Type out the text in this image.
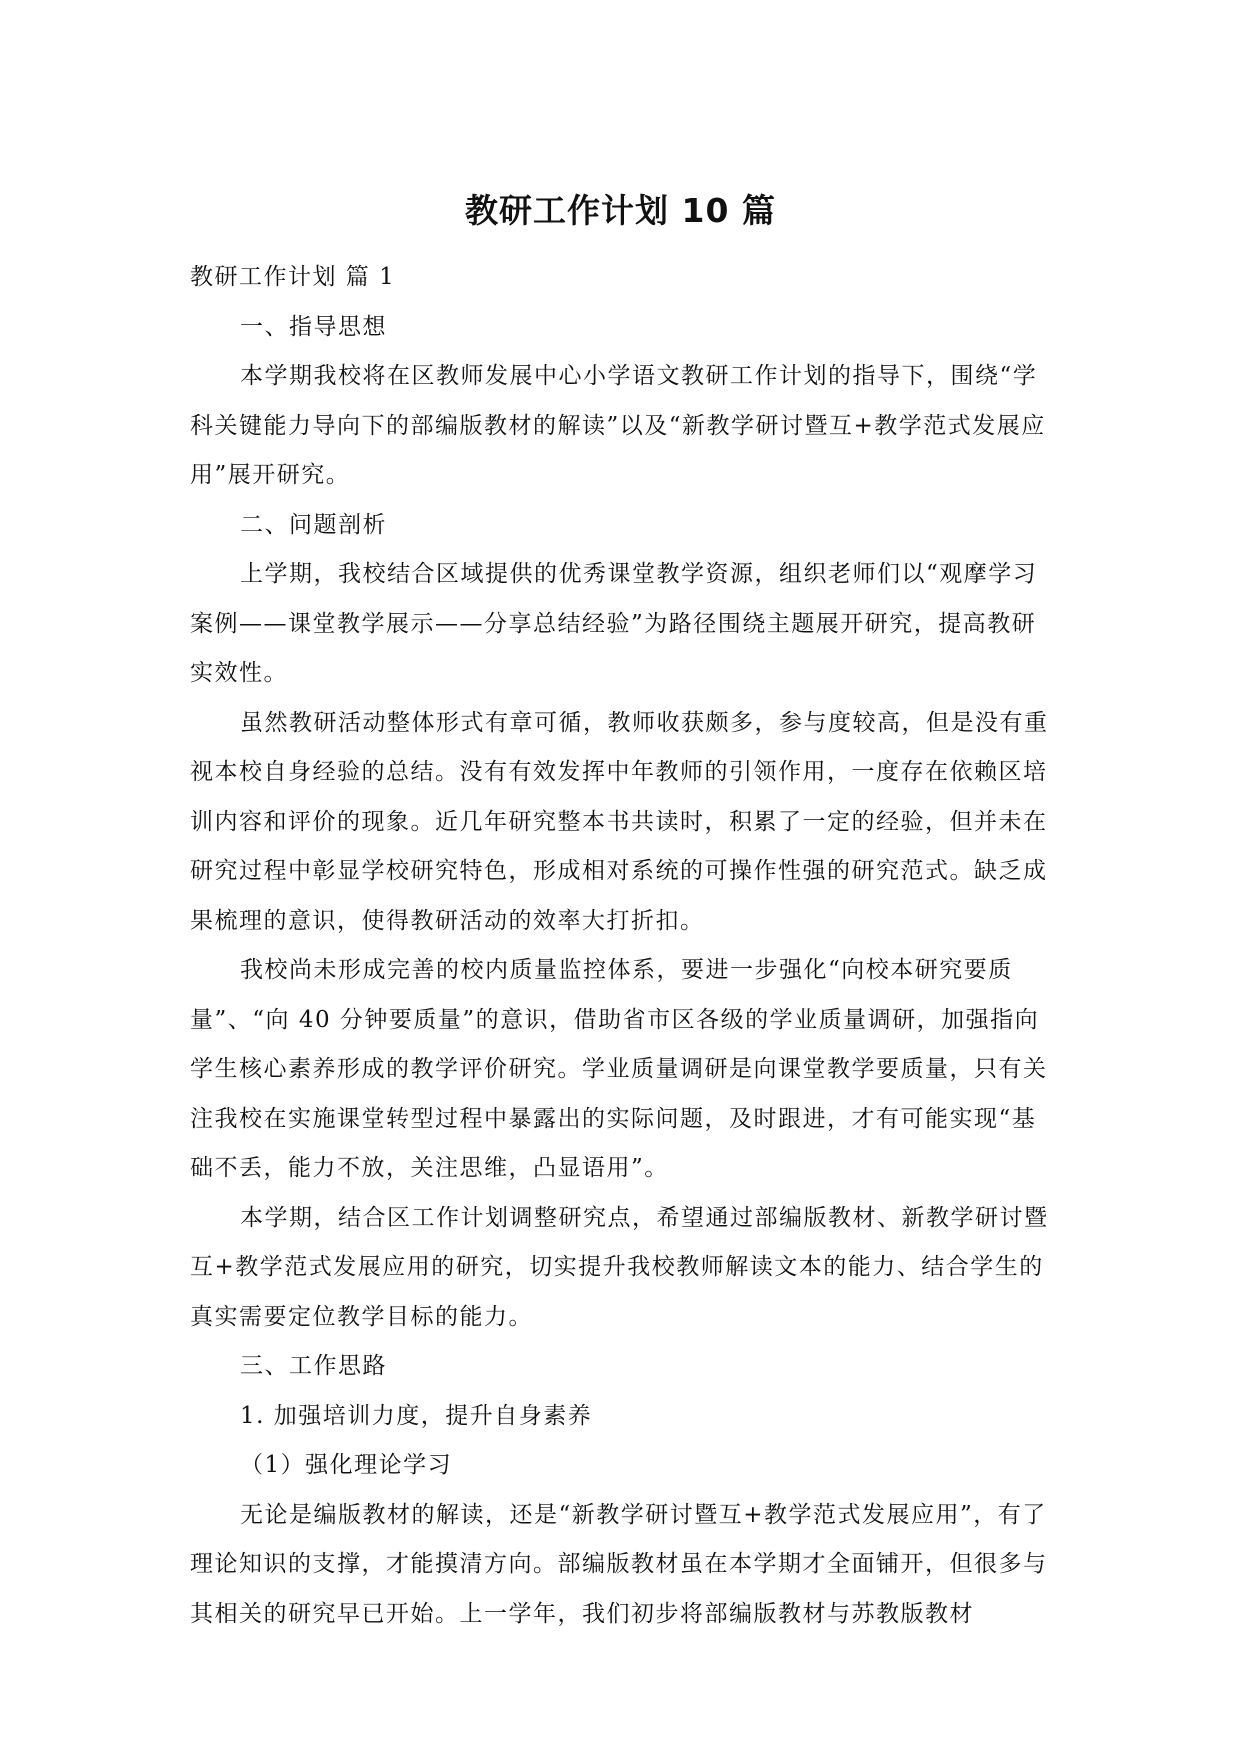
教研工作计划 10 篇

教研工作计划 篇 1

一、指导思想

本学期我校将在区教师发展中心小学语文教研工作计划的指导下，围绕“学科关键能力导向下的部编版教材的解读”以及“新教学研讨暨互+教学范式发展应用”展开研究。

二、问题剖析

上学期，我校结合区域提供的优秀课堂教学资源，组织老师们以“观摩学习案例——课堂教学展示——分享总结经验”为路径围绕主题展开研究，提高教研实效性。

虽然教研活动整体形式有章可循，教师收获颇多，参与度较高，但是没有重视本校自身经验的总结。没有有效发挥中年教师的引领作用，一度存在依赖区培训内容和评价的现象。近几年研究整本书共读时，积累了一定的经验，但并未在研究过程中彰显学校研究特色，形成相对系统的可操作性强的研究范式。缺乏成果梳理的意识，使得教研活动的效率大打折扣。

我校尚未形成完善的校内质量监控体系，要进一步强化“向校本研究要质量”、“向 40 分钟要质量”的意识，借助省市区各级的学业质量调研，加强指向学生核心素养形成的教学评价研究。学业质量调研是向课堂教学要质量，只有关注我校在实施课堂转型过程中暴露出的实际问题，及时跟进，才有可能实现“基础不丢，能力不放，关注思维，凸显语用”。

本学期，结合区工作计划调整研究点，希望通过部编版教材、新教学研讨暨互+教学范式发展应用的研究，切实提升我校教师解读文本的能力、结合学生的真实需要定位教学目标的能力。

三、工作思路

1. 加强培训力度，提升自身素养

（1）强化理论学习

无论是编版教材的解读，还是“新教学研讨暨互+教学范式发展应用”，有了理论知识的支撑，才能摸清方向。部编版教材虽在本学期才全面铺开，但很多与其相关的研究早已开始。上一学年，我们初步将部编版教材与苏教版教材
